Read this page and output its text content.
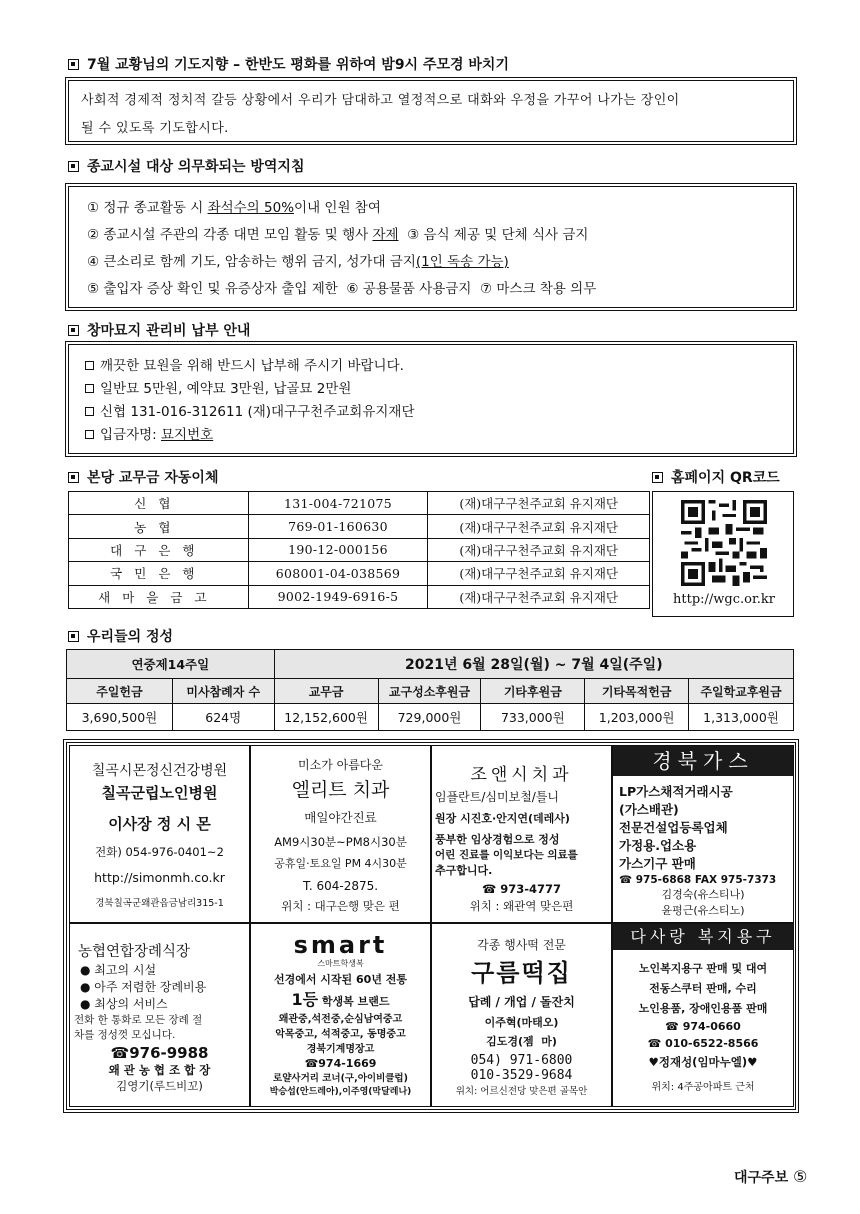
7월 교황님의 기도지향 – 한반도 평화를 위하여 밤9시 주모경 바치기
사회적 경제적 정치적 갈등 상황에서 우리가 담대하고 열정적으로 대화와 우정을 가꾸어 나가는 장인이
될 수 있도록 기도합시다.
종교시설 대상 의무화되는 방역지침
① 정규 종교활동 시 좌석수의 50%이내 인원 참여
② 종교시설 주관의 각종 대면 모임 활동 및 행사 자제  ③ 음식 제공 및 단체 식사 금지
④ 큰소리로 함께 기도, 암송하는 행위 금지, 성가대 금지(1인 독송 가능)
⑤ 출입자 증상 확인 및 유증상자 출입 제한  ⑥ 공용물품 사용금지  ⑦ 마스크 착용 의무
창마묘지 관리비 납부 안내
깨끗한 묘원을 위해 반드시 납부해 주시기 바랍니다.
일반묘 5만원, 예약묘 3만원, 납골묘 2만원
신협 131-016-312611 (재)대구구천주교회유지재단
입금자명: 묘지번호
본당 교무금 자동이체	홈페이지 QR코드
신협	131-004-721075	(재)대구구천주교회 유지재단
농협	769-01-160630	(재)대구구천주교회 유지재단
대구은행	190-12-000156	(재)대구구천주교회 유지재단
국민은행	608001-04-038569	(재)대구구천주교회 유지재단
새마을금고	9002-1949-6916-5	(재)대구구천주교회 유지재단	http://wgc.or.kr
우리들의 정성
연중제14주일		2021년 6월 28일(월) ~ 7월 4일(주일)				
주일헌금	미사참례자 수	교무금	교구성소후원금	기타후원금	기타목적헌금	주일학교후원금
3,690,500원	624명	12,152,600원	729,000원	733,000원	1,203,000원	1,313,000원
칠곡시몬정신건강병원
칠곡군립노인병원
이사장 정 시 몬
전화) 054-976-0401~2
http://simonmh.co.kr
경북칠곡군왜관읍금남리315-1
미소가 아름다운
엘리트 치과
매일야간진료
AM9시30분~PM8시30분
공휴일·토요일 PM 4시30분
T. 604-2875.
위치 : 대구은행 맞은 편
조앤시치과
임플란트/심미보철/틀니
원장 시진호·안지연(데레사)
풍부한 임상경험으로 정성
어린 진료를 이익보다는 의료를
추구합니다.
☎ 973-4777
위치 : 왜관역 맞은편
경북가스
LP가스채적거래시공
(가스배관)
전문건설업등록업체
가정용.업소용
가스기구 판매
☎ 975-6868 FAX 975-7373
김경숙(유스티나)
윤평근(유스티노)
농협연합장례식장
● 최고의 시설
● 아주 저렴한 장례비용
● 최상의 서비스
전화 한 통화로 모든 장례 절
차를 정성껏 모십니다.
☎976-9988
왜 관 농 협 조 합 장
김영기(루드비꼬)
smart
스마트학생복
선경에서 시작된 60년 전통
1등 학생복 브랜드
왜관중,석전중,순심남여중고
악목중고, 석적중고, 동명중고
경북기계명장고
☎974-1669
로얄사거리 코너(구,아이비클럽)
박승섭(안드레아),이주영(막달레나)
각종 행사떡 전문
구름떡집
답례 / 개업 / 돌잔치
이주혁(마태오)
김도경(젬  마)
054) 971-6800
010-3529-9684
위치: 어르신전당 맞은편 골목안
다사랑 복지용구
노인복지용구 판매 및 대여
전동스쿠터 판매, 수리
노인용품, 장애인용품 판매
☎ 974-0660
☎ 010-6522-8566
♥정재성(임마누엘)♥
위치: 4주공아파트 근처
대구주보 ⑤
